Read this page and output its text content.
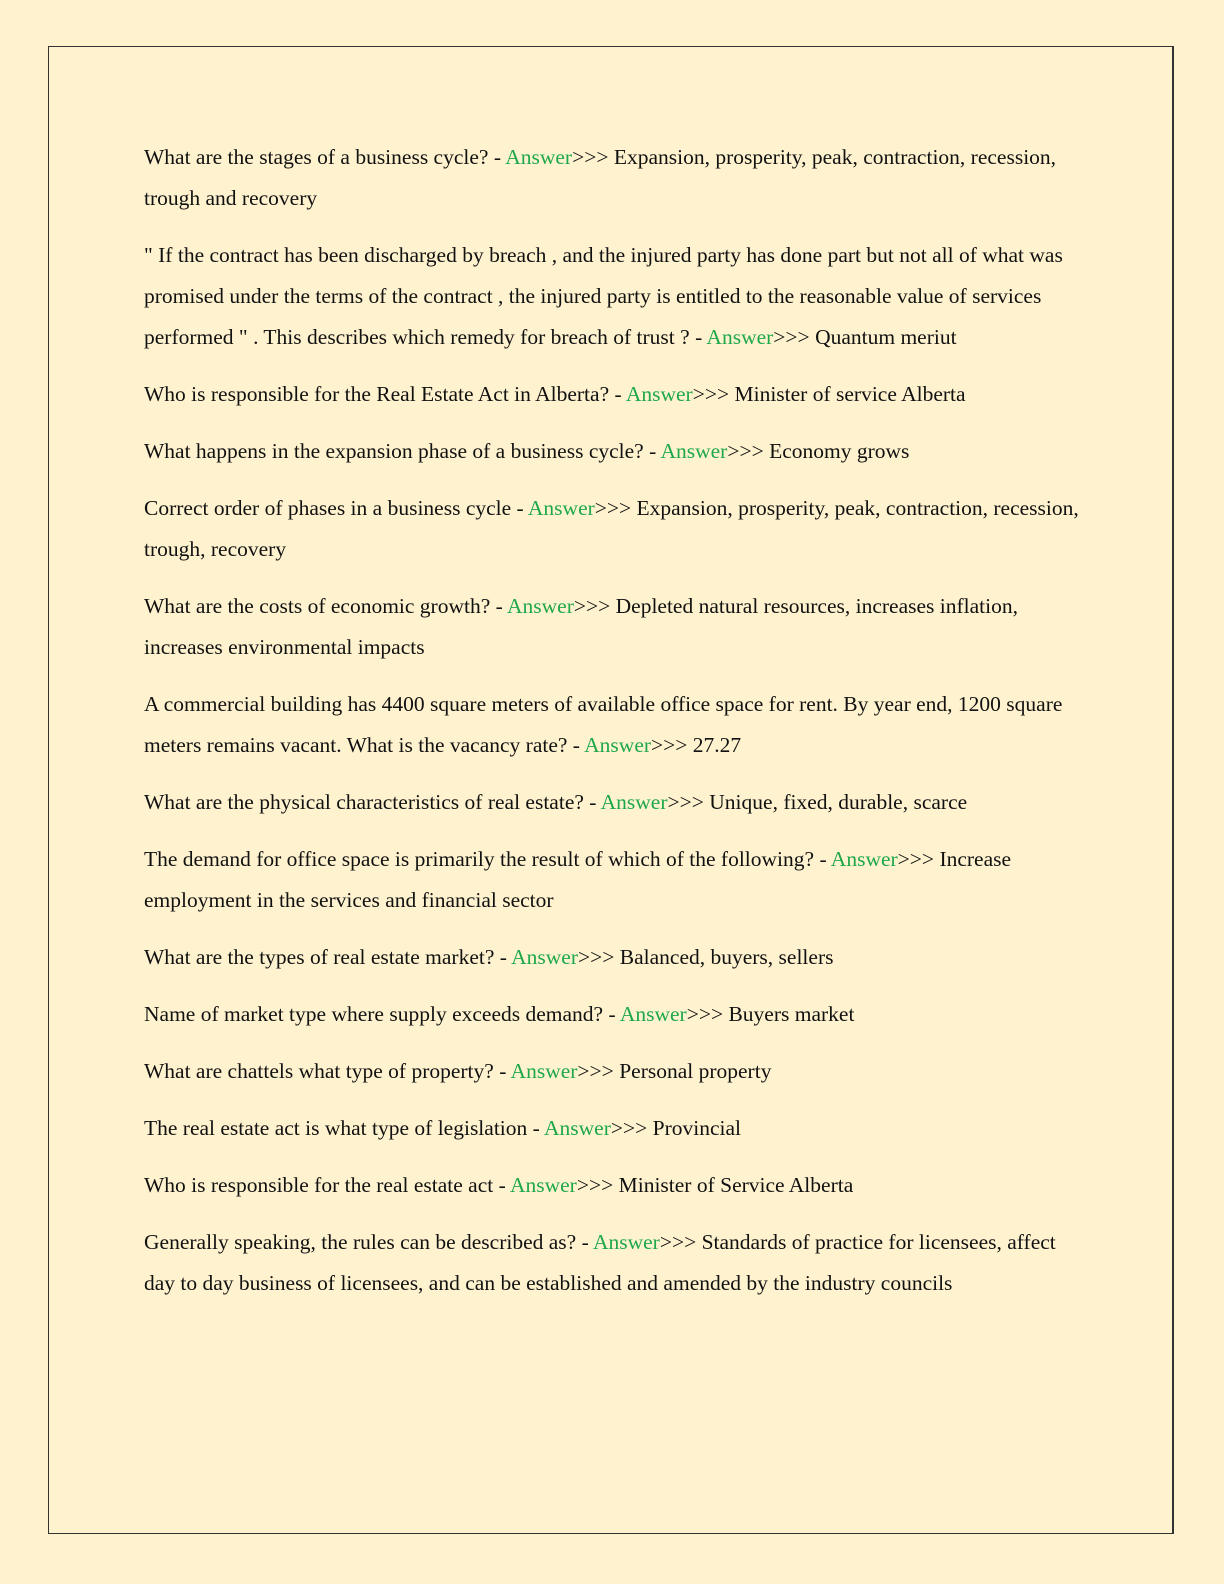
What are the stages of a business cycle? - Answer>>> Expansion, prosperity, peak, contraction, recession, trough and recovery

" If the contract has been discharged by breach , and the injured party has done part but not all of what was promised under the terms of the contract , the injured party is entitled to the reasonable value of services performed " . This describes which remedy for breach of trust ? - Answer>>> Quantum meriut

Who is responsible for the Real Estate Act in Alberta? - Answer>>> Minister of service Alberta

What happens in the expansion phase of a business cycle? - Answer>>> Economy grows

Correct order of phases in a business cycle - Answer>>> Expansion, prosperity, peak, contraction, recession, trough, recovery

What are the costs of economic growth? - Answer>>> Depleted natural resources, increases inflation, increases environmental impacts

A commercial building has 4400 square meters of available office space for rent. By year end, 1200 square meters remains vacant. What is the vacancy rate? - Answer>>> 27.27

What are the physical characteristics of real estate? - Answer>>> Unique, fixed, durable, scarce

The demand for office space is primarily the result of which of the following? - Answer>>> Increase employment in the services and financial sector

What are the types of real estate market? - Answer>>> Balanced, buyers, sellers

Name of market type where supply exceeds demand? - Answer>>> Buyers market

What are chattels what type of property? - Answer>>> Personal property

The real estate act is what type of legislation - Answer>>> Provincial

Who is responsible for the real estate act - Answer>>> Minister of Service Alberta

Generally speaking, the rules can be described as? - Answer>>> Standards of practice for licensees, affect day to day business of licensees, and can be established and amended by the industry councils
